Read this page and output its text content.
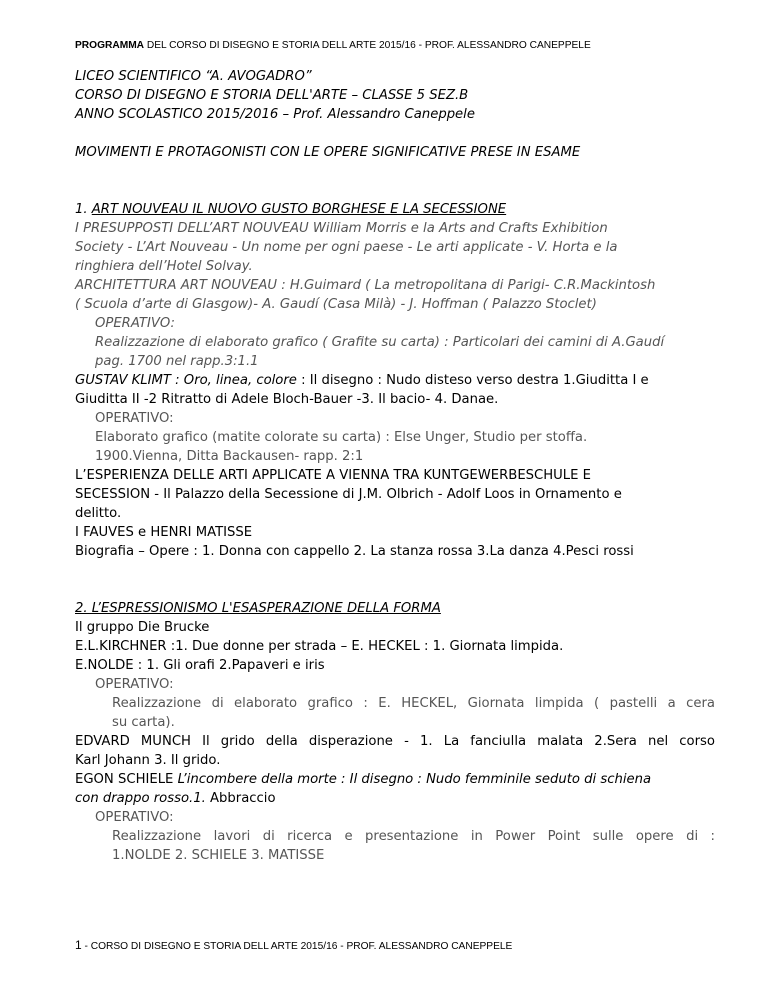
PROGRAMMA DEL CORSO DI DISEGNO E STORIA DELL ARTE 2015/16 - PROF. ALESSANDRO CANEPPELE
LICEO SCIENTIFICO “A. AVOGADRO”
CORSO DI DISEGNO E STORIA DELL'ARTE – CLASSE 5 SEZ.B
ANNO SCOLASTICO 2015/2016 – Prof. Alessandro Caneppele
MOVIMENTI E PROTAGONISTI CON LE OPERE SIGNIFICATIVE PRESE IN ESAME
1. ART NOUVEAU IL NUOVO GUSTO BORGHESE E LA SECESSIONE
I PRESUPPOSTI DELL’ART NOUVEAU William Morris e la Arts and Crafts Exhibition
Society - L’Art Nouveau - Un nome per ogni paese - Le arti applicate - V. Horta e la
ringhiera dell’Hotel Solvay.
ARCHITETTURA ART NOUVEAU : H.Guimard ( La metropolitana di Parigi- C.R.Mackintosh
( Scuola d’arte di Glasgow)- A. Gaudí (Casa Milà) - J. Hoffman ( Palazzo Stoclet)
OPERATIVO:
Realizzazione di elaborato grafico ( Grafite su carta) : Particolari dei camini di A.Gaudí
pag. 1700 nel rapp.3:1.1
GUSTAV KLIMT : Oro, linea, colore : Il disegno : Nudo disteso verso destra 1.Giuditta I e
Giuditta II -2 Ritratto di Adele Bloch-Bauer -3. Il bacio- 4. Danae.
OPERATIVO:
Elaborato grafico (matite colorate su carta) : Else Unger, Studio per stoffa.
1900.Vienna, Ditta Backausen- rapp. 2:1
L’ESPERIENZA DELLE ARTI APPLICATE A VIENNA TRA KUNTGEWERBESCHULE E
SECESSION - Il Palazzo della Secessione di J.M. Olbrich - Adolf Loos in Ornamento e
delitto.
I FAUVES e HENRI MATISSE
Biografia – Opere : 1. Donna con cappello 2. La stanza rossa 3.La danza 4.Pesci rossi
2. L’ESPRESSIONISMO L'ESASPERAZIONE DELLA FORMA
Il gruppo Die Brucke
E.L.KIRCHNER :1. Due donne per strada – E. HECKEL : 1. Giornata limpida.
E.NOLDE : 1. Gli orafi 2.Papaveri e iris
OPERATIVO:
Realizzazione di elaborato grafico : E. HECKEL, Giornata limpida ( pastelli a cera
su carta).
EDVARD MUNCH Il grido della disperazione - 1. La fanciulla malata 2.Sera nel corso
Karl Johann 3. Il grido.
EGON SCHIELE L’incombere della morte : Il disegno : Nudo femminile seduto di schiena
con drappo rosso.1. Abbraccio
OPERATIVO:
Realizzazione lavori di ricerca e presentazione in Power Point sulle opere di :
1.NOLDE 2. SCHIELE 3. MATISSE
1 - CORSO DI DISEGNO E STORIA DELL ARTE 2015/16 - PROF. ALESSANDRO CANEPPELE
